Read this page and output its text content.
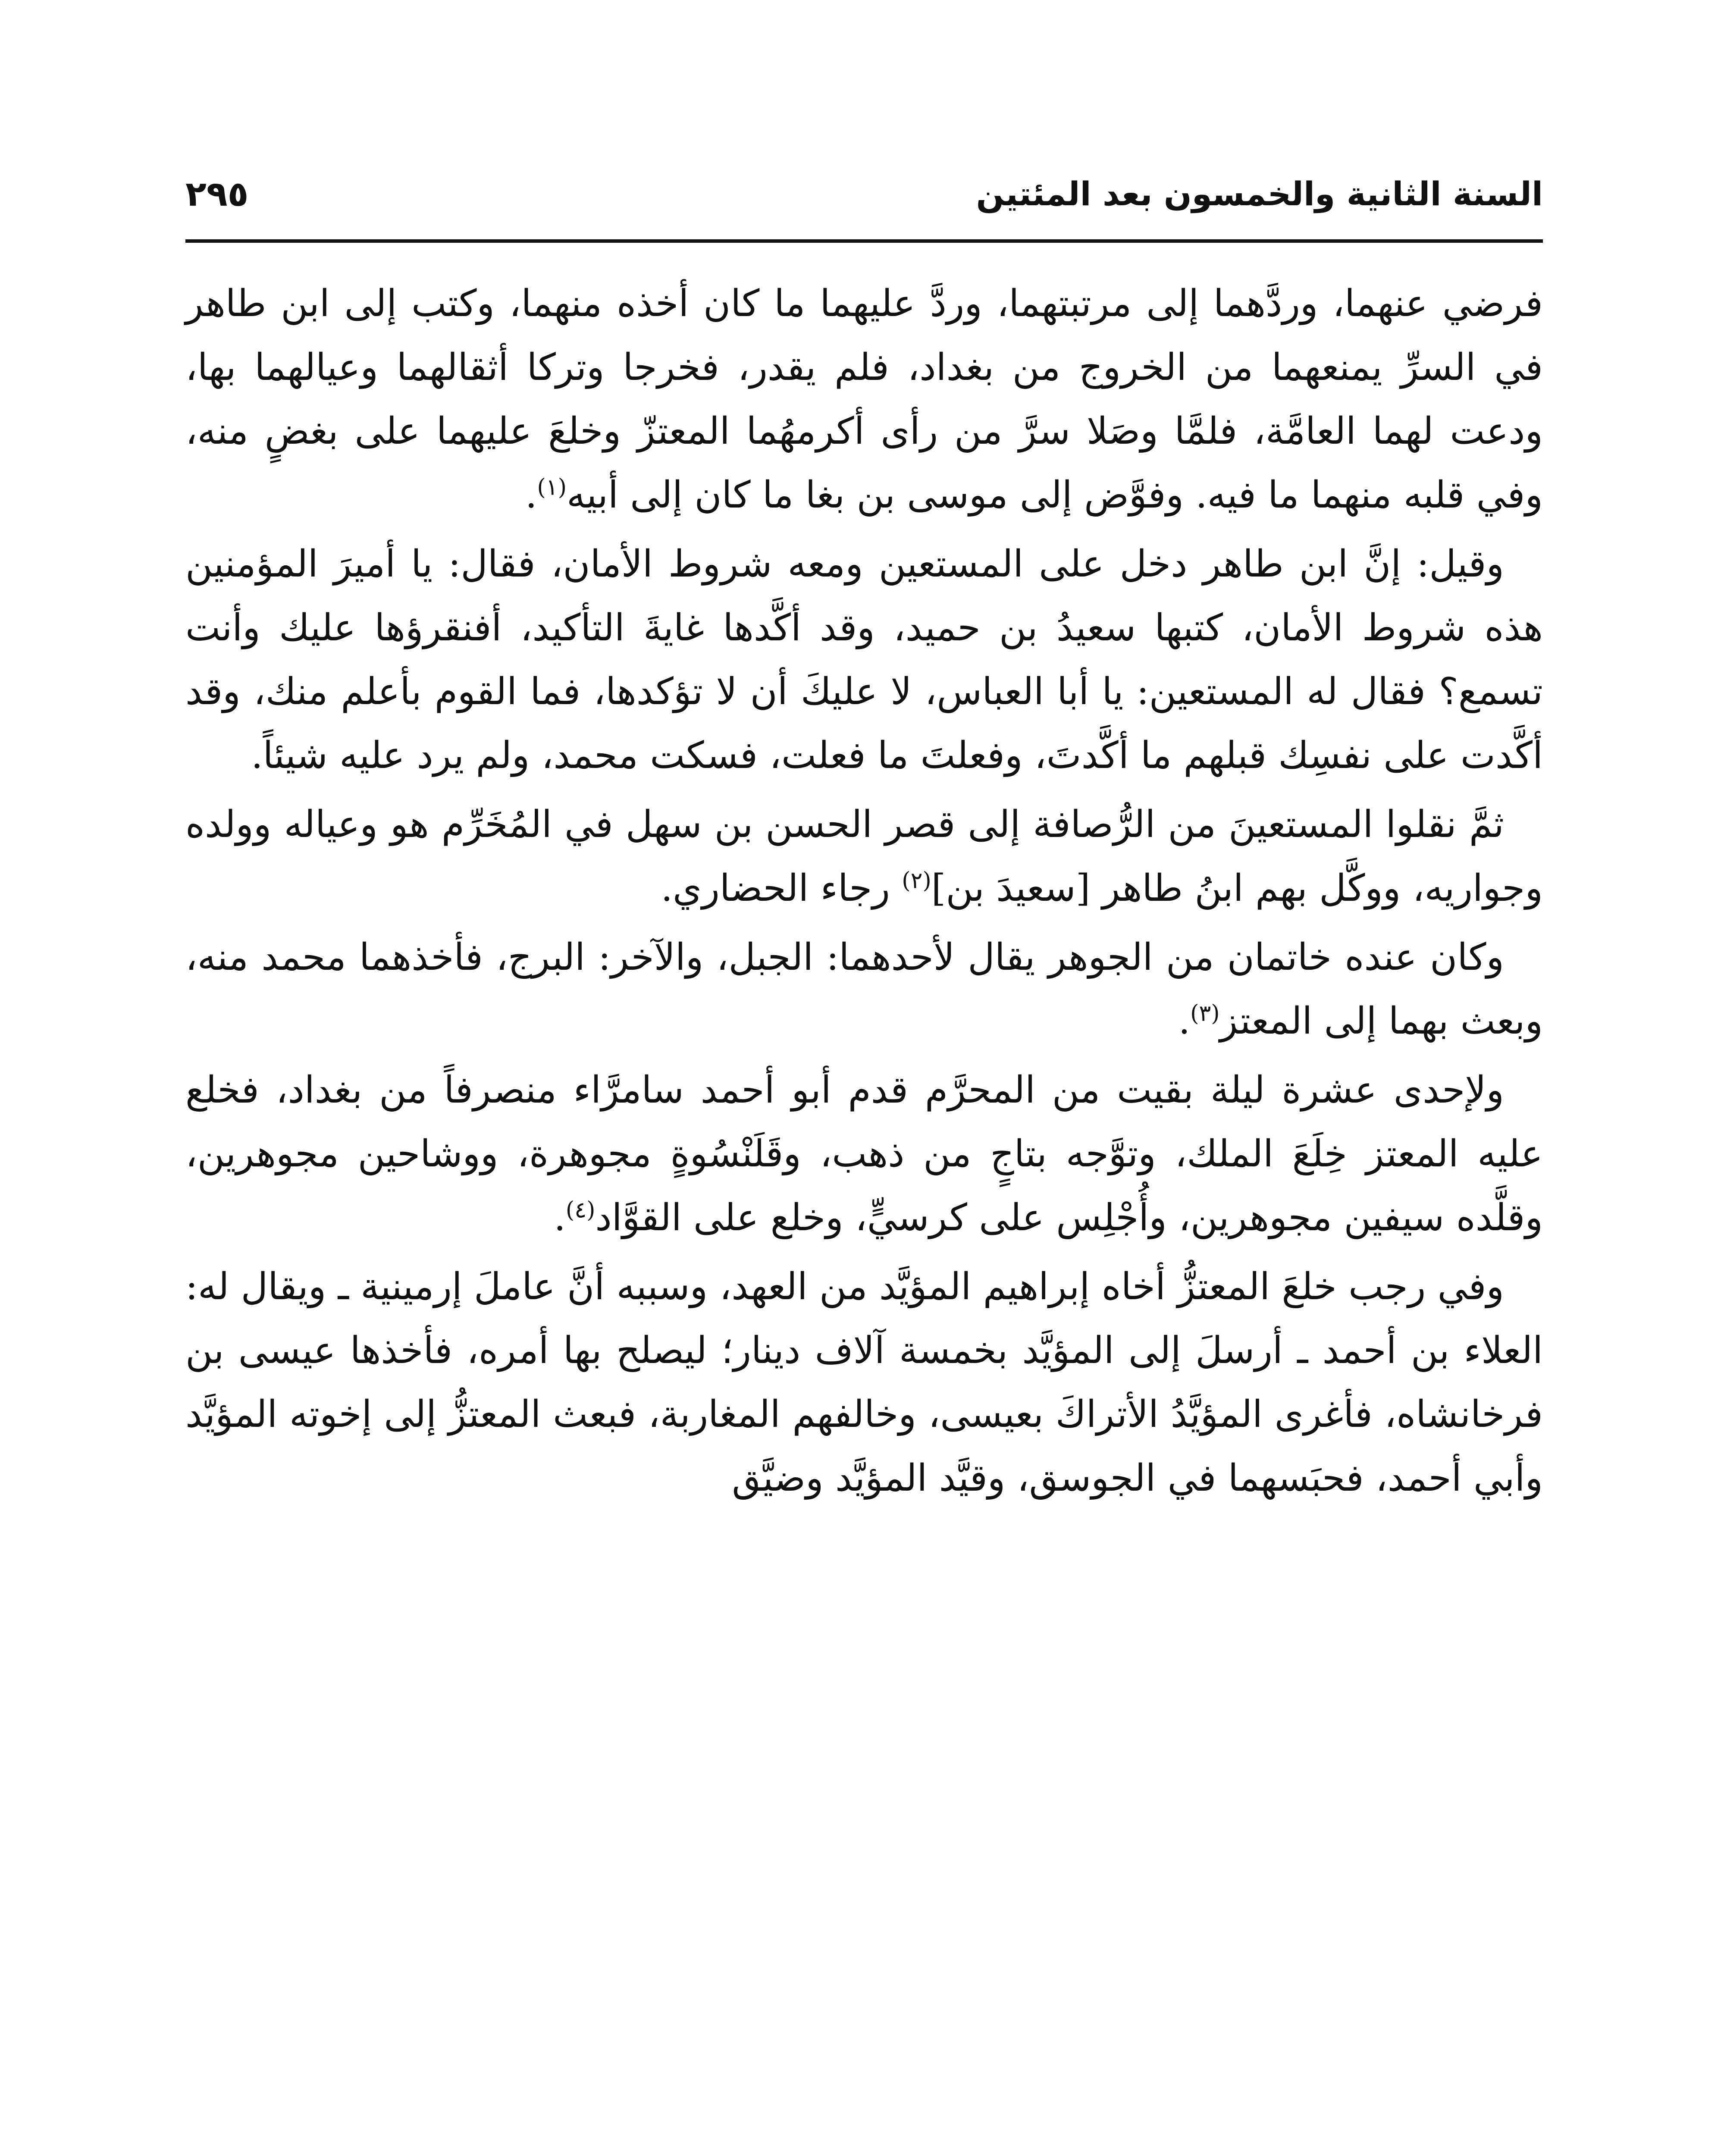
السنة الثانية والخمسون بعد المئتين
٢٩٥

فرضي عنهما، وردَّهما إلى مرتبتهما، وردَّ عليهما ما كان أخذه منهما، وكتب إلى ابن طاهر في السرِّ يمنعهما من الخروج من بغداد، فلم يقدر، فخرجا وتركا أثقالهما وعيالهما بها، ودعت لهما العامَّة، فلمَّا وصَلا سرَّ من رأى أكرمهُما المعتزّ وخلعَ عليهما على بغضٍ منه، وفي قلبه منهما ما فيه. وفوَّض إلى موسى بن بغا ما كان إلى أبيه$^{(١)}$.

وقيل: إنَّ ابن طاهر دخل على المستعين ومعه شروط الأمان، فقال: يا أميرَ المؤمنين هذه شروط الأمان، كتبها سعيدُ بن حميد، وقد أكَّدها غايةَ التأكيد، أفنقرؤها عليك وأنت تسمع؟ فقال له المستعين: يا أبا العباس، لا عليكَ أن لا تؤكدها، فما القوم بأعلم منك، وقد أكَّدت على نفسِك قبلهم ما أكَّدتَ، وفعلتَ ما فعلت، فسكت محمد، ولم يرد عليه شيئاً.

ثمَّ نقلوا المستعينَ من الرُّصافة إلى قصر الحسن بن سهل في المُخَرِّم هو وعياله وولده وجواريه، ووكَّل بهم ابنُ طاهر [سعيدَ بن]$^{(٢)}$ رجاء الحضاري.

وكان عنده خاتمان من الجوهر يقال لأحدهما: الجبل، والآخر: البرج، فأخذهما محمد منه، وبعث بهما إلى المعتز$^{(٣)}$.

ولإحدى عشرة ليلة بقيت من المحرَّم قدم أبو أحمد سامرَّاء منصرفاً من بغداد، فخلع عليه المعتز خِلَعَ الملك، وتوَّجه بتاجٍ من ذهب، وقَلَنْسُوةٍ مجوهرة، ووشاحين مجوهرين، وقلَّده سيفين مجوهرين، وأُجْلِس على كرسيٍّ، وخلع على القوَّاد$^{(٤)}$.

وفي رجب خلعَ المعتزُّ أخاه إبراهيم المؤيَّد من العهد، وسببه أنَّ عاملَ إرمينية ـ ويقال له: العلاء بن أحمد ـ أرسلَ إلى المؤيَّد بخمسة آلاف دينار؛ ليصلح بها أمره، فأخذها عيسى بن فرخانشاه، فأغرى المؤيَّدُ الأتراكَ بعيسى، وخالفهم المغاربة، فبعث المعتزُّ إلى إخوته المؤيَّد وأبي أحمد، فحبَسهما في الجوسق، وقيَّد المؤيَّد وضيَّق
